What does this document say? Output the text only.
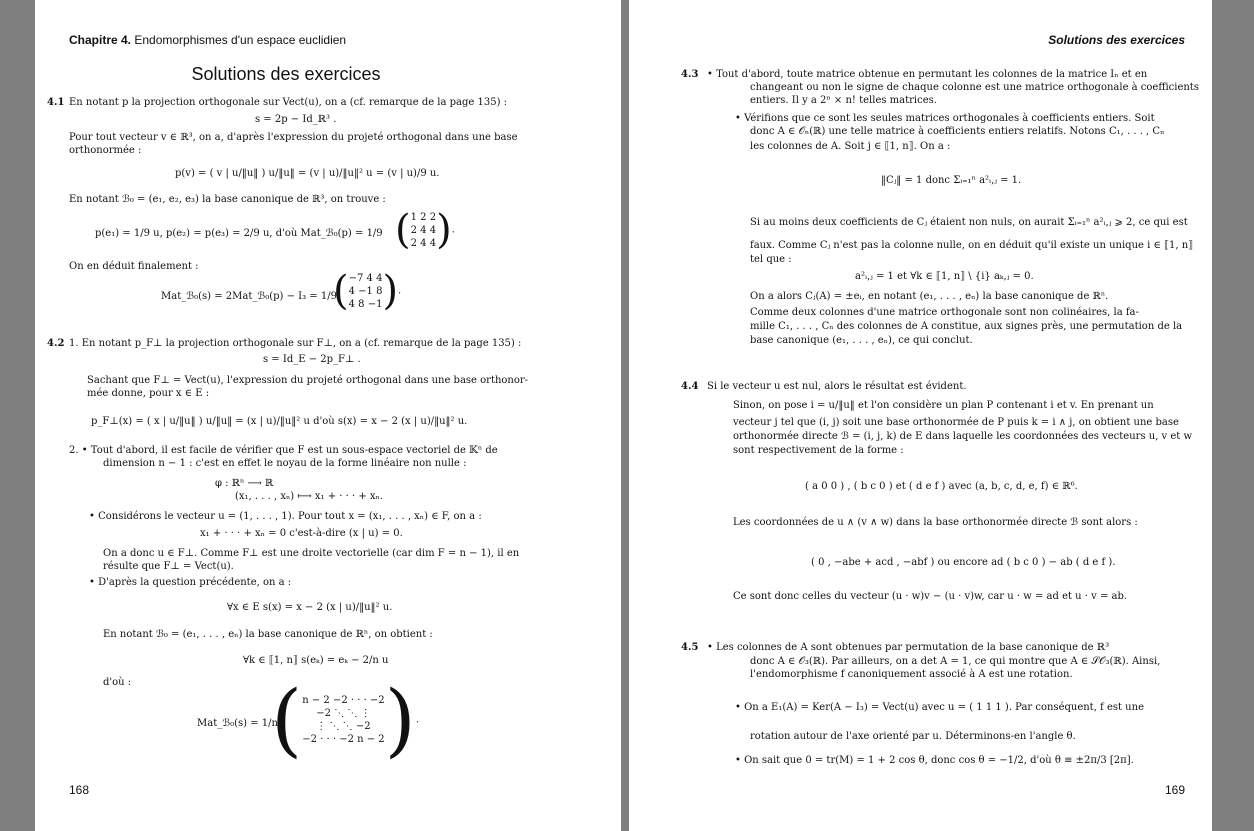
Chapitre 4. Endomorphismes d'un espace euclidien
Solutions des exercices
4.1 En notant p la projection orthogonale sur Vect(u), on a (cf. remarque de la page 135) :
s = 2p − Id_ℝ³ .
Pour tout vecteur v ∈ ℝ³, on a, d'après l'expression du projeté orthogonal dans une base
orthonormée :
p(v) = ( v | u/‖u‖ ) u/‖u‖ = (v | u)/‖u‖² u = (v | u)/9 u.
En notant ℬ₀ = (e₁, e₂, e₃) la base canonique de ℝ³, on trouve :
p(e₁) = 1/9 u, p(e₂) = p(e₃) = 2/9 u, d'où Mat_ℬ₀(p) = 1/9
On en déduit finalement :
Mat_ℬ₀(s) = 2Mat_ℬ₀(p) − I₃ = 1/9
4.2 1. En notant p_F⊥ la projection orthogonale sur F⊥, on a (cf. remarque de la page 135) :
s = Id_E − 2p_F⊥ .
Sachant que F⊥ = Vect(u), l'expression du projeté orthogonal dans une base orthonor-
mée donne, pour x ∈ E :
p_F⊥(x) = ( x | u/‖u‖ ) u/‖u‖ = (x | u)/‖u‖² u d'où s(x) = x − 2 (x | u)/‖u‖² u.
2. • Tout d'abord, il est facile de vérifier que F est un sous-espace vectoriel de 𝕂ⁿ de
dimension n − 1 : c'est en effet le noyau de la forme linéaire non nulle :
φ : ℝⁿ ⟶ ℝ
(x₁, . . . , xₙ) ⟼ x₁ + · · · + xₙ.
• Considérons le vecteur u = (1, . . . , 1). Pour tout x = (x₁, . . . , xₙ) ∈ F, on a :
x₁ + · · · + xₙ = 0 c'est-à-dire (x | u) = 0.
On a donc u ∈ F⊥. Comme F⊥ est une droite vectorielle (car dim F = n − 1), il en
résulte que F⊥ = Vect(u).
• D'après la question précédente, on a :
∀x ∈ E s(x) = x − 2 (x | u)/‖u‖² u.
En notant ℬ₀ = (e₁, . . . , eₙ) la base canonique de ℝⁿ, on obtient :
∀k ∈ ⟦1, n⟧ s(eₖ) = eₖ − 2/n u
d'où :
Mat_ℬ₀(s) = 1/n
( 1 2 2
2 4 4
2 4 4 ).
( −7 4 4
4 −1 8
4 8 −1 ).
( n − 2 −2 · · · −2
−2 ⋱ ⋱ ⋮
⋮ ⋱ ⋱ −2
−2 · · · −2 n − 2 ).
168
Solutions des exercices
4.3 • Tout d'abord, toute matrice obtenue en permutant les colonnes de la matrice Iₙ et en
changeant ou non le signe de chaque colonne est une matrice orthogonale à coefficients
entiers. Il y a 2ⁿ × n! telles matrices.
• Vérifions que ce sont les seules matrices orthogonales à coefficients entiers. Soit
donc A ∈ 𝒪ₙ(ℝ) une telle matrice à coefficients entiers relatifs. Notons C₁, . . . , Cₙ
les colonnes de A. Soit j ∈ ⟦1, n⟧. On a :
‖Cⱼ‖ = 1 donc Σᵢ₌₁ⁿ a²ᵢ,ⱼ = 1.
Si au moins deux coefficients de Cⱼ étaient non nuls, on aurait Σᵢ₌₁ⁿ a²ᵢ,ⱼ ⩾ 2, ce qui est
faux. Comme Cⱼ n'est pas la colonne nulle, on en déduit qu'il existe un unique i ∈ ⟦1, n⟧
tel que :
a²ᵢ,ⱼ = 1 et ∀k ∈ ⟦1, n⟧ \ {i} aₖ,ⱼ = 0.
On a alors Cⱼ(A) = ±eᵢ, en notant (e₁, . . . , eₙ) la base canonique de ℝⁿ.
Comme deux colonnes d'une matrice orthogonale sont non colinéaires, la fa-
mille C₁, . . . , Cₙ des colonnes de A constitue, aux signes près, une permutation de la
base canonique (e₁, . . . , eₙ), ce qui conclut.
4.4 Si le vecteur u est nul, alors le résultat est évident.
Sinon, on pose i = u/‖u‖ et l'on considère un plan P contenant i et v. En prenant un
vecteur j tel que (i, j) soit une base orthonormée de P puis k = i ∧ j, on obtient une base
orthonormée directe ℬ = (i, j, k) de E dans laquelle les coordonnées des vecteurs u, v et w
sont respectivement de la forme :
( a 0 0 ) , ( b c 0 ) et ( d e f ) avec (a, b, c, d, e, f) ∈ ℝ⁶.
Les coordonnées de u ∧ (v ∧ w) dans la base orthonormée directe ℬ sont alors :
( 0 , −abe + acd , −abf ) ou encore ad ( b c 0 ) − ab ( d e f ).
Ce sont donc celles du vecteur (u · w)v − (u · v)w, car u · w = ad et u · v = ab.
4.5 • Les colonnes de A sont obtenues par permutation de la base canonique de ℝ³
donc A ∈ 𝒪₃(ℝ). Par ailleurs, on a det A = 1, ce qui montre que A ∈ 𝒮𝒪₃(ℝ). Ainsi,
l'endomorphisme f canoniquement associé à A est une rotation.
• On a E₁(A) = Ker(A − I₃) = Vect(u) avec u = ( 1 1 1 ). Par conséquent, f est une
rotation autour de l'axe orienté par u. Déterminons-en l'angle θ.
• On sait que 0 = tr(M) = 1 + 2 cos θ, donc cos θ = −1/2, d'où θ ≡ ±2π/3 [2π].
169
